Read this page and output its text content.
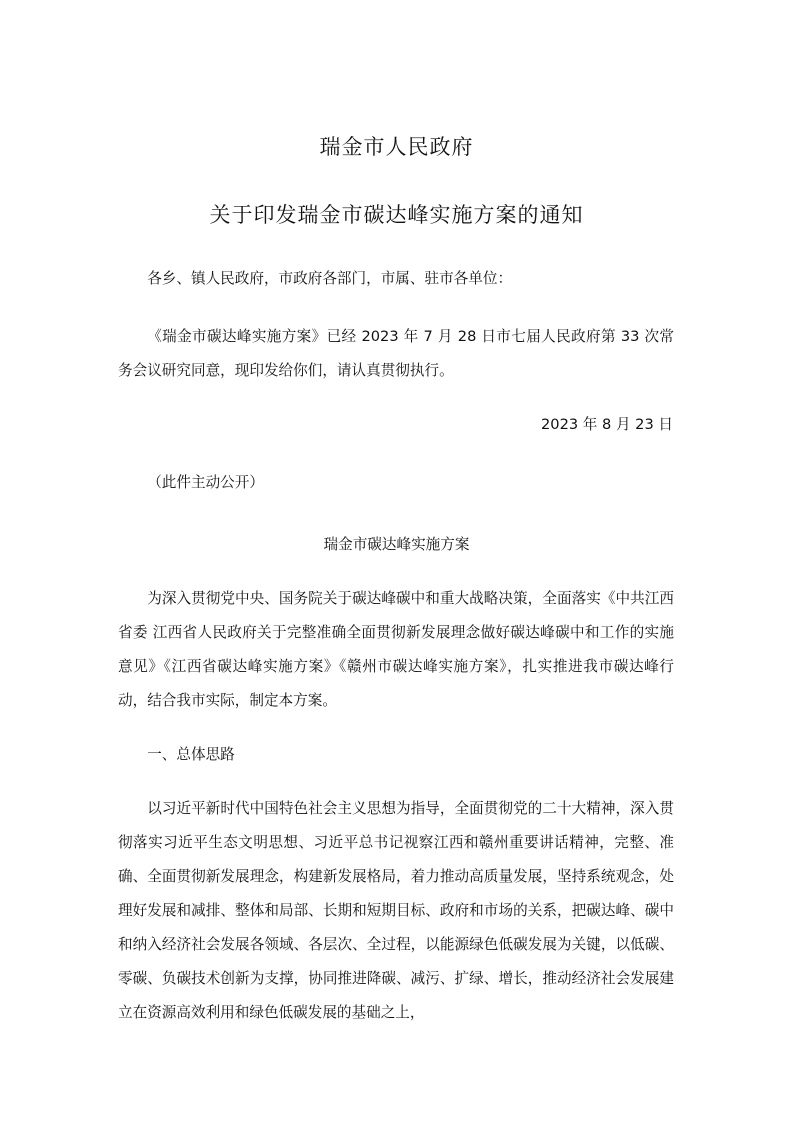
瑞金市人民政府
关于印发瑞金市碳达峰实施方案的通知

各乡、镇人民政府，市政府各部门，市属、驻市各单位：

《瑞金市碳达峰实施方案》已经 2023 年 7 月 28 日市七届人民政府第 33 次常务会议研究同意，现印发给你们，请认真贯彻执行。

2023 年 8 月 23 日

（此件主动公开）

瑞金市碳达峰实施方案

为深入贯彻党中央、国务院关于碳达峰碳中和重大战略决策，全面落实《中共江西省委 江西省人民政府关于完整准确全面贯彻新发展理念做好碳达峰碳中和工作的实施意见》《江西省碳达峰实施方案》《赣州市碳达峰实施方案》，扎实推进我市碳达峰行动，结合我市实际，制定本方案。

一、总体思路

以习近平新时代中国特色社会主义思想为指导，全面贯彻党的二十大精神，深入贯彻落实习近平生态文明思想、习近平总书记视察江西和赣州重要讲话精神，完整、准确、全面贯彻新发展理念，构建新发展格局，着力推动高质量发展，坚持系统观念，处理好发展和减排、整体和局部、长期和短期目标、政府和市场的关系，把碳达峰、碳中和纳入经济社会发展各领域、各层次、全过程，以能源绿色低碳发展为关键，以低碳、零碳、负碳技术创新为支撑，协同推进降碳、减污、扩绿、增长，推动经济社会发展建立在资源高效利用和绿色低碳发展的基础之上，
